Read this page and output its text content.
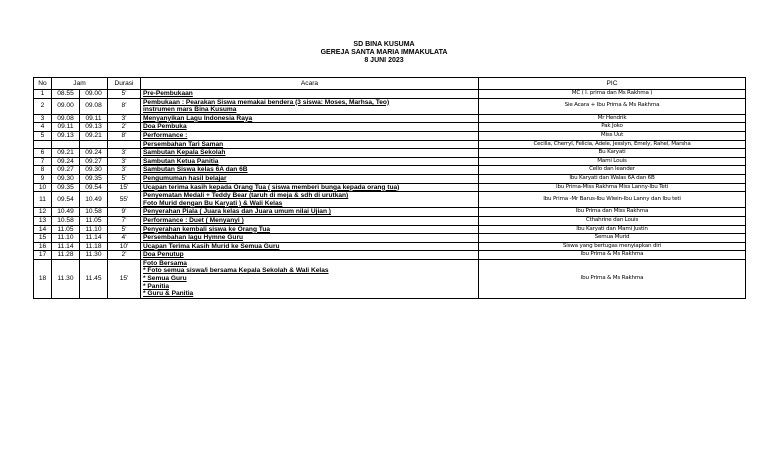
SD BINA KUSUMA
GEREJA SANTA MARIA IMMAKULATA
8 JUNI 2023
No	Jam		Durasi	Acara	PIC
1	08.55	09.00	5'	Pre-Pembukaan	MC ( I. prima dan Ms Rakhma )
2	09.00	09.08	8'	Pembukaan : Pearakan Siswa memakai bendera (3 siswa: Moses, Marhsa, Teo)
instrumen mars Bina Kusuma	Sie Acara + Ibu Prima & Ms Rakhma
3	09.08	09.11	3'	Menyanyikan Lagu Indonesia Raya	Mr Hendrik
4	09.11	09.13	2'	Doa Pembuka	Pak Joko
5	09.13	09.21	8'	Performance :	Miss Uut

				Persembahan Tari Saman	Cecilia, Cherryl, Felicia, Adele, Jesslyn, Emely, Rahel, Marsha
6	09.21	09.24	3'	Sambutan Kepala Sekolah	Bu Karyati
7	09.24	09.27	3'	Sambutan Ketua Panitia	Mami Louis
8	09.27	09.30	3'	Sambutan Siswa kelas 6A dan 6B	Cello dan leander
9	09.30	09.35	5'	Pengumuman hasil belajar	Ibu Karyati dan Walas 6A dan 6B
10	09.35	09.54	15'	Ucapan terima kasih kepada Orang Tua ( siswa memberi bunga kepada orang tua)	Ibu Prima-Miss Rakhma Miss Lanny-Ibu Teti
11	09.54	10.49	55'	Penyematan Medali + Teddy Bear (taruh di meja & sdh di urutkan)
Foto Murid dengan Bu Karyati ) & Wali Kelas	Ibu Prima -Mr Barus-Ibu Wiwin-Ibu Lanny dan Ibu teti
12	10.49	10.58	9'	Penyerahan Piala ( Juara kelas dan Juara umum nilai Ujian )	Ibu Prima dan Miss Rakhma
13	10.58	11.05	7'	Performance : Duet ( Menyanyi )	Cthahrine dan Louis
14	11.05	11.10	5'	Penyerahan kembali siswa ke Orang Tua	Ibu Karyati dan Mami Justin
15	11.10	11.14	4'	Persembahan lagu Hymne Guru	Semua Murid
16	11.14	11.18	10'	Ucapan Terima Kasih Murid ke Semua Guru	Siswa yang bertugas menyiapkan diri
17	11.28	11.30	2'	Doa Penutup	Ibu Prima & Ms Rakhma
18	11.30	11.45	15'	Foto Bersama
* Foto semua siswa/i bersama Kepala Sekolah & Wali Kelas
* Semua Guru
* Panitia
* Guru & Panitia	Ibu Prima & Ms Rakhma
